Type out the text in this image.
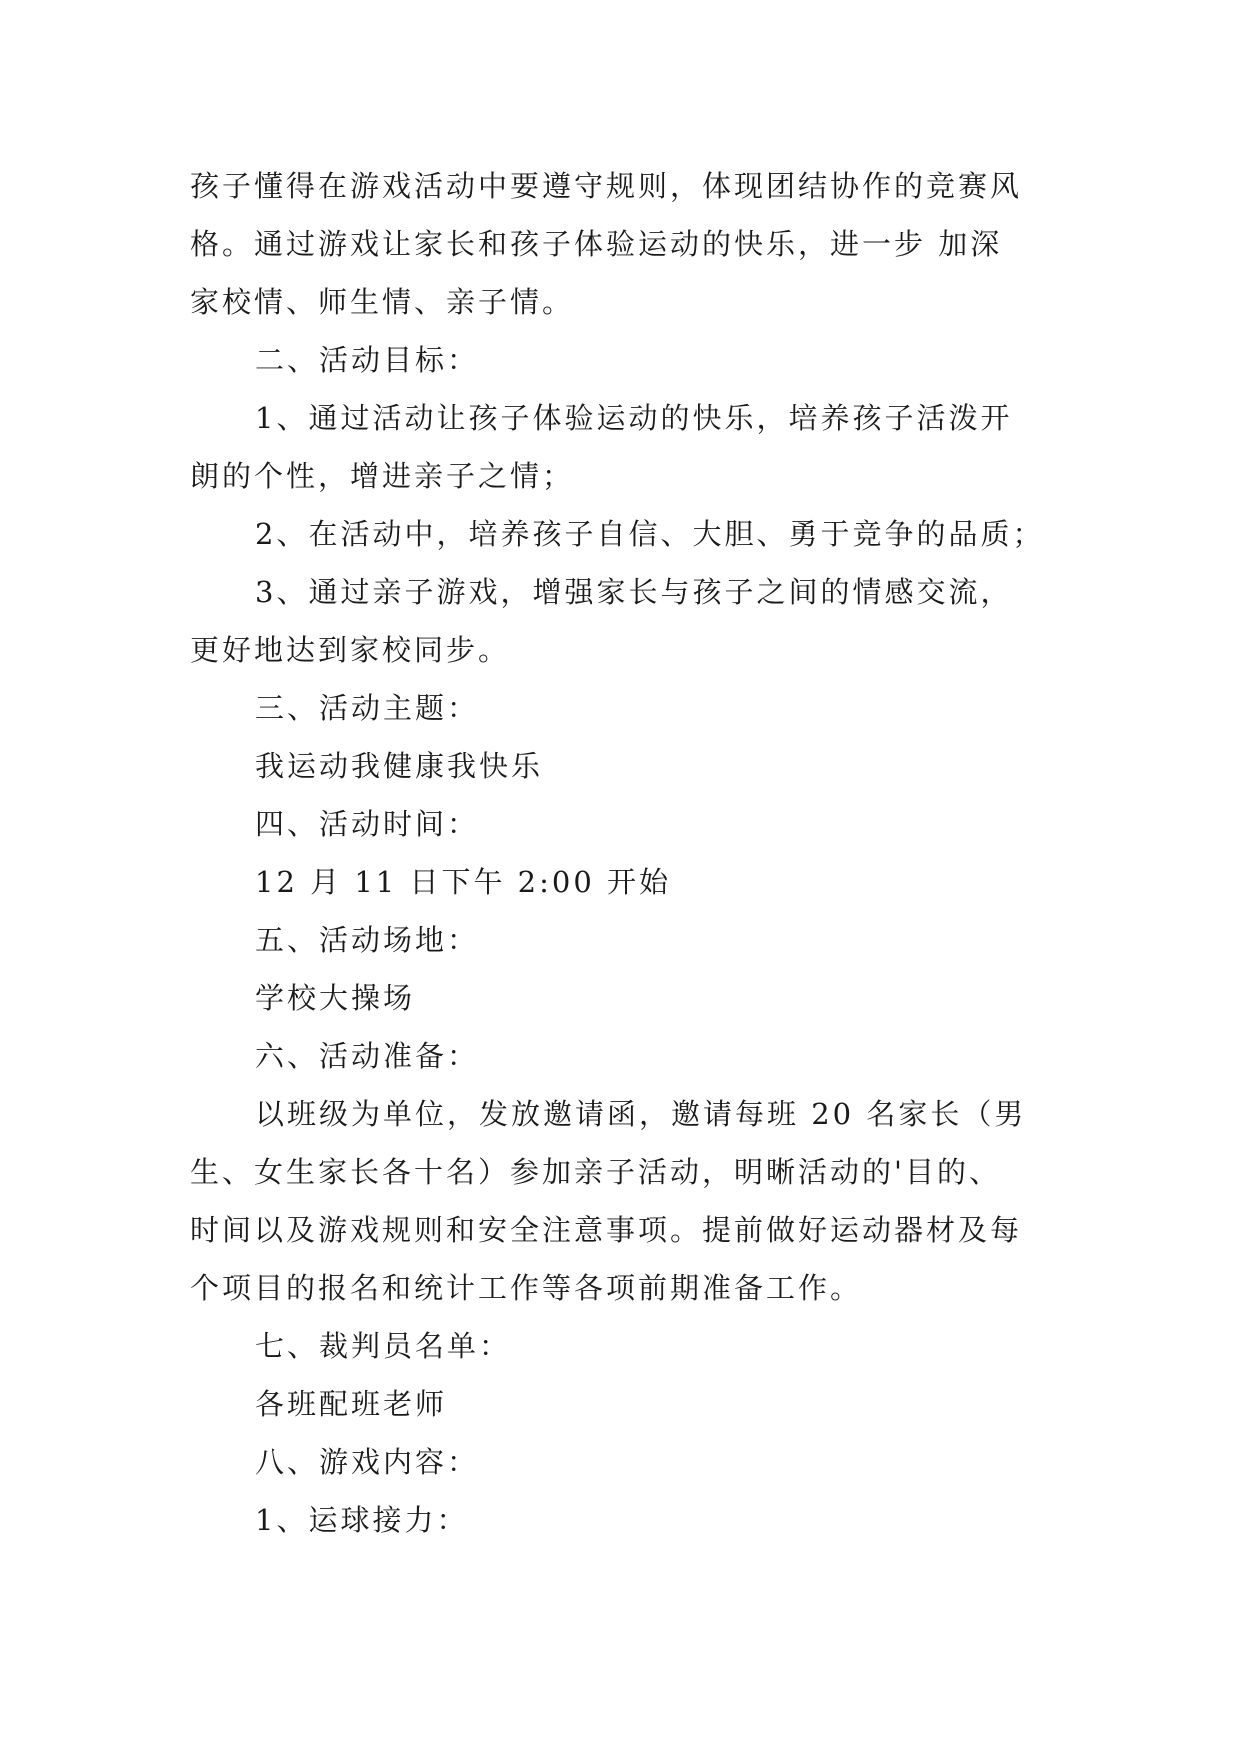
孩子懂得在游戏活动中要遵守规则，体现团结协作的竞赛风
格。通过游戏让家长和孩子体验运动的快乐，进一步 加深
家校情、师生情、亲子情。
二、活动目标：
1、通过活动让孩子体验运动的快乐，培养孩子活泼开
朗的个性，增进亲子之情；
2、在活动中，培养孩子自信、大胆、勇于竞争的品质；
3、通过亲子游戏，增强家长与孩子之间的情感交流，
更好地达到家校同步。
三、活动主题：
我运动我健康我快乐
四、活动时间：
12 月 11 日下午 2:00 开始
五、活动场地：
学校大操场
六、活动准备：
以班级为单位，发放邀请函，邀请每班 20 名家长（男
生、女生家长各十名）参加亲子活动，明晰活动的'目的、
时间以及游戏规则和安全注意事项。提前做好运动器材及每
个项目的报名和统计工作等各项前期准备工作。
七、裁判员名单：
各班配班老师
八、游戏内容：
1、运球接力：
